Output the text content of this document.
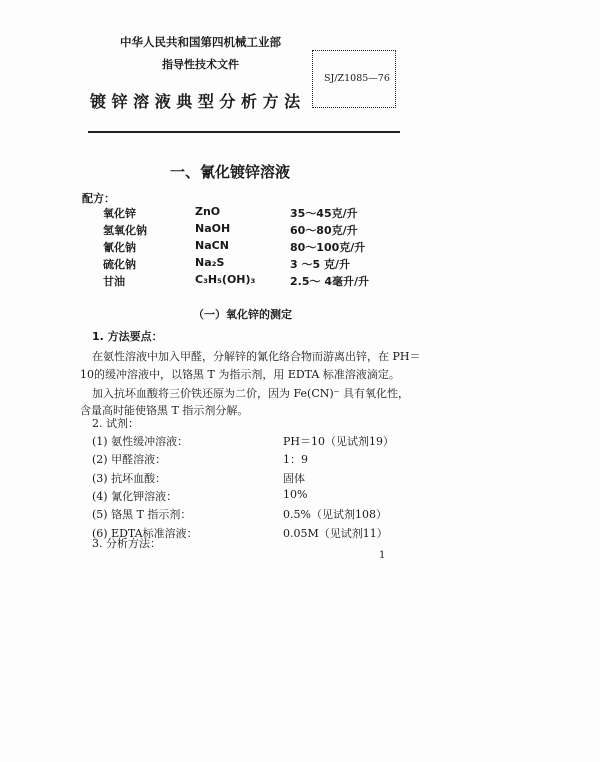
中华人民共和国第四机械工业部
指导性技术文件
镀 锌 溶 液 典 型 分 析 方 法
SJ/Z1085—76
一、氰化镀锌溶液
配方：
氧化锌	ZnO	35～45克/升
氢氧化钠	NaOH	60～80克/升
氰化钠	NaCN	80～100克/升
硫化钠	Na₂S	3 ～5 克/升
甘油	C₃H₅(OH)₃	2.5～ 4毫升/升
（一）氧化锌的测定
1. 方法要点：
在氨性溶液中加入甲醛，分解锌的氰化络合物而游离出锌，在 PH＝
10的缓冲溶液中，以铬黑 T 为指示剂，用 EDTA 标准溶液滴定。
加入抗坏血酸将三价铁还原为二价，因为 Fe(CN)⁻ 具有氧化性，
含量高时能使铬黑 T 指示剂分解。
2. 试剂：
(1) 氨性缓冲溶液：	PH＝10（见试剂19）
(2) 甲醛溶液：	1：9
(3) 抗坏血酸：	固体
(4) 氰化钾溶液：	10%
(5) 铬黑 T 指示剂：	0.5%（见试剂108）
(6) EDTA标准溶液：	0.05M（见试剂11）
3. 分析方法：
1
